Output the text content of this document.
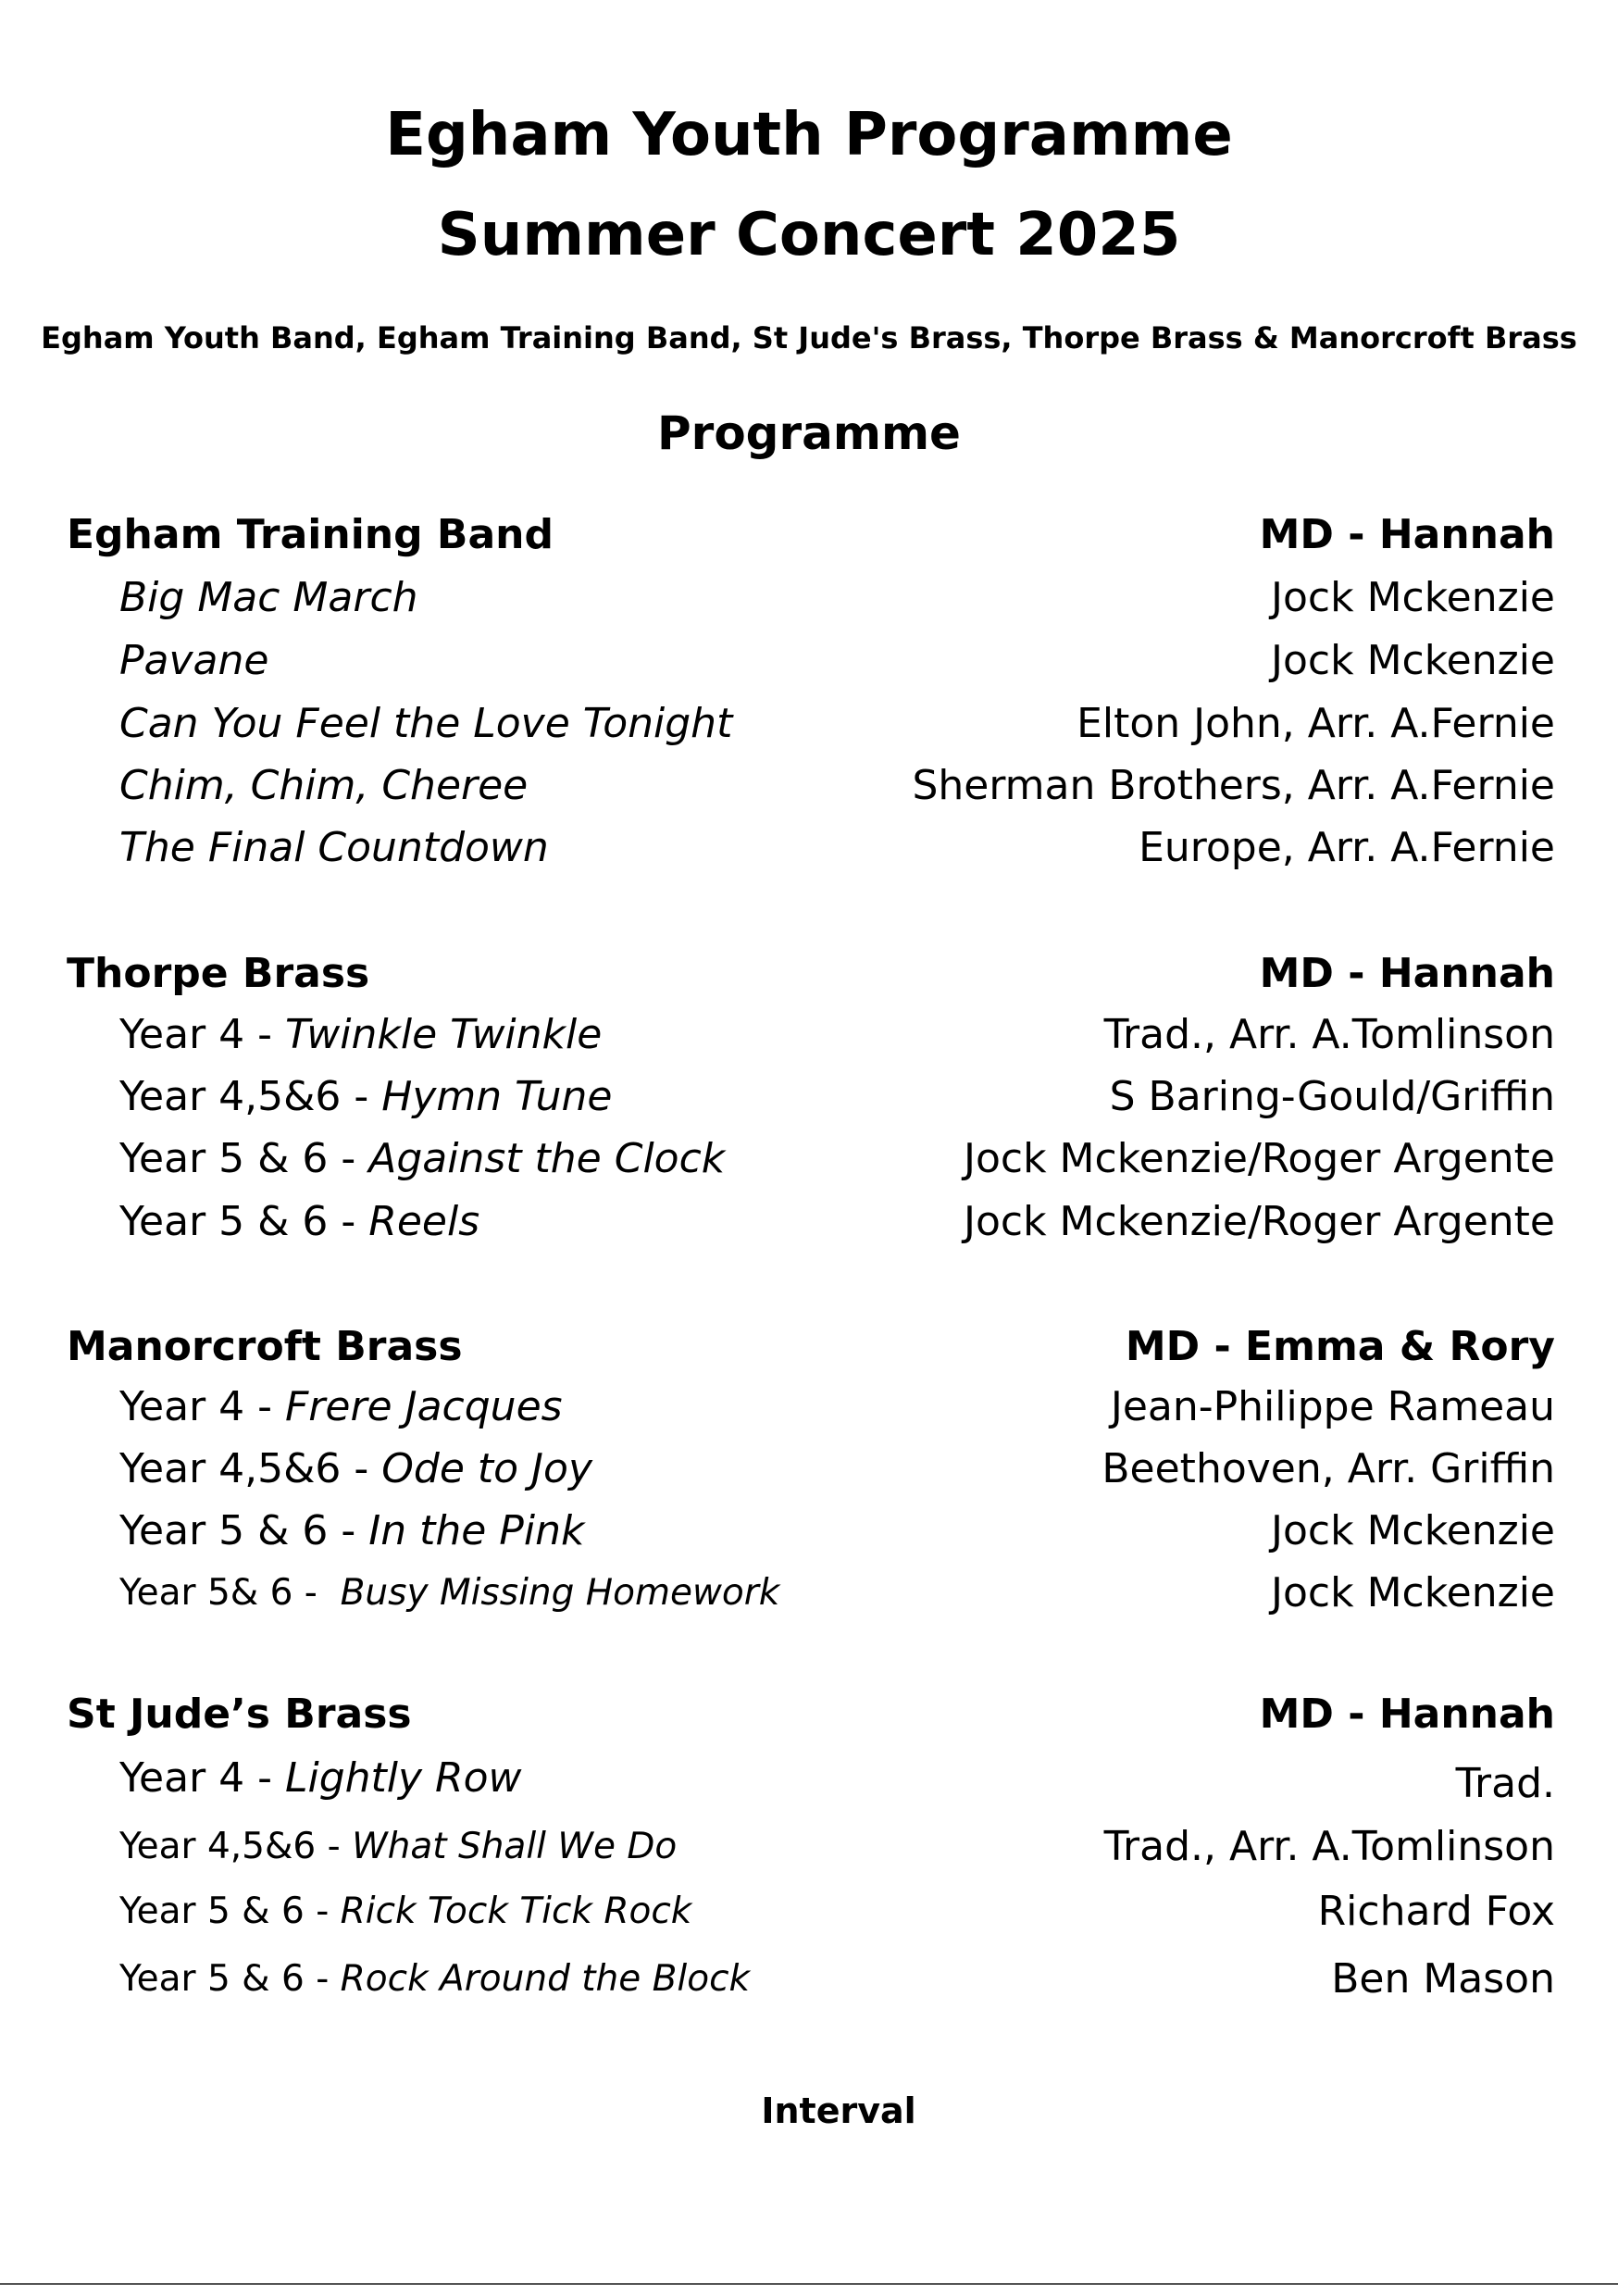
Egham Youth Programme
Summer Concert 2025
Egham Youth Band, Egham Training Band, St Jude's Brass, Thorpe Brass & Manorcroft Brass
Programme
Egham Training Band	MD - Hannah
Big Mac March	Jock Mckenzie
Pavane	Jock Mckenzie
Can You Feel the Love Tonight	Elton John, Arr. A.Fernie
Chim, Chim, Cheree	Sherman Brothers, Arr. A.Fernie
The Final Countdown	Europe, Arr. A.Fernie
Thorpe Brass	MD - Hannah
Year 4 - Twinkle Twinkle	Trad., Arr. A.Tomlinson
Year 4,5&6 - Hymn Tune	S Baring-Gould/Griffin
Year 5 & 6 - Against the Clock	Jock Mckenzie/Roger Argente
Year 5 & 6 - Reels	Jock Mckenzie/Roger Argente
Manorcroft Brass	MD - Emma & Rory
Year 4 - Frere Jacques	Jean-Philippe Rameau
Year 4,5&6 - Ode to Joy	Beethoven, Arr. Griffin
Year 5 & 6 - In the Pink	Jock Mckenzie
Year 5& 6 -  Busy Missing Homework	Jock Mckenzie
St Jude’s Brass	MD - Hannah
Year 4 - Lightly Row	Trad.
Year 4,5&6 - What Shall We Do	Trad., Arr. A.Tomlinson
Year 5 & 6 - Rick Tock Tick Rock	Richard Fox
Year 5 & 6 - Rock Around the Block	Ben Mason
Interval
